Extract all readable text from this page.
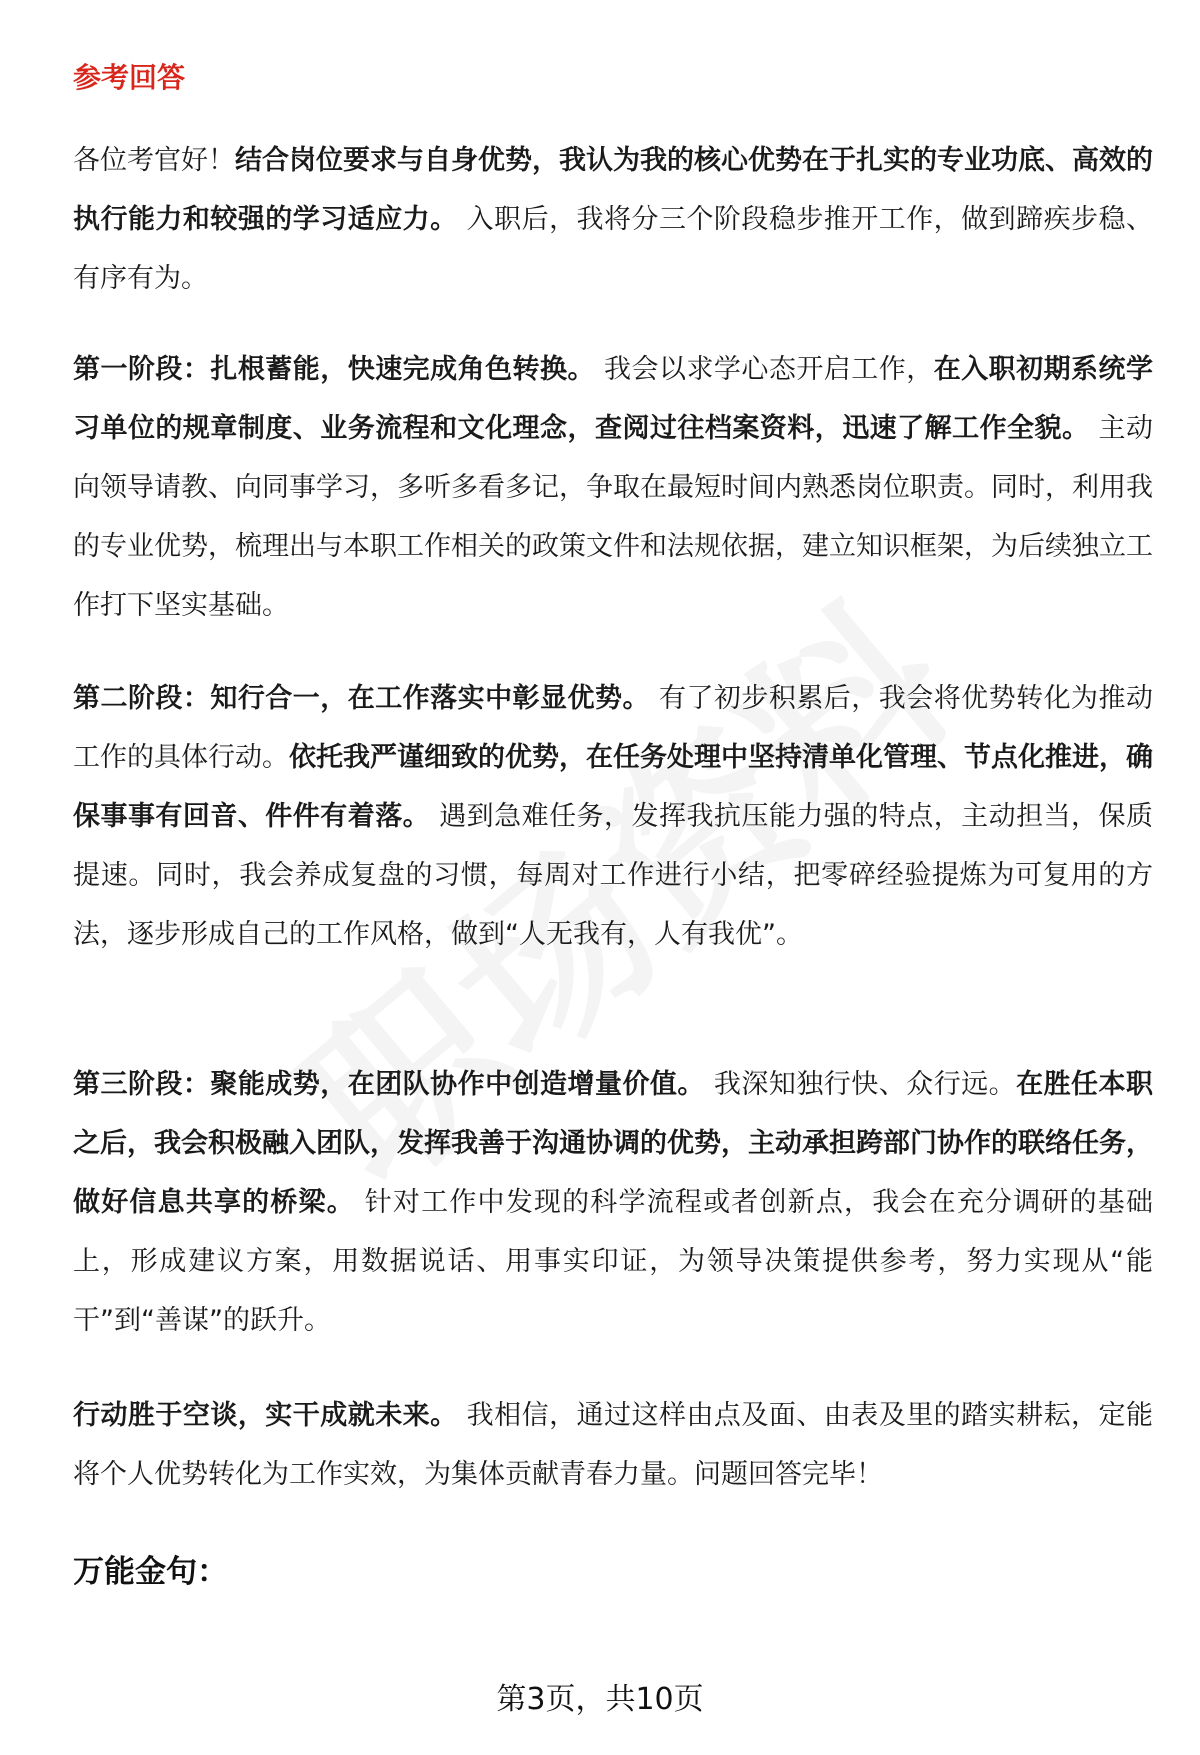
参考回答

各位考官好！结合岗位要求与自身优势，我认为我的核心优势在于扎实的专业功底、高效的执行能力和较强的学习适应力。 入职后，我将分三个阶段稳步推开工作，做到蹄疾步稳、有序有为。

第一阶段：扎根蓄能，快速完成角色转换。 我会以求学心态开启工作，在入职初期系统学习单位的规章制度、业务流程和文化理念，查阅过往档案资料，迅速了解工作全貌。 主动向领导请教、向同事学习，多听多看多记，争取在最短时间内熟悉岗位职责。同时，利用我的专业优势，梳理出与本职工作相关的政策文件和法规依据，建立知识框架，为后续独立工作打下坚实基础。

第二阶段：知行合一，在工作落实中彰显优势。 有了初步积累后，我会将优势转化为推动工作的具体行动。依托我严谨细致的优势，在任务处理中坚持清单化管理、节点化推进，确保事事有回音、件件有着落。 遇到急难任务，发挥我抗压能力强的特点，主动担当，保质提速。同时，我会养成复盘的习惯，每周对工作进行小结，把零碎经验提炼为可复用的方法，逐步形成自己的工作风格，做到“人无我有，人有我优”。

第三阶段：聚能成势，在团队协作中创造增量价值。 我深知独行快、众行远。在胜任本职之后，我会积极融入团队，发挥我善于沟通协调的优势，主动承担跨部门协作的联络任务，做好信息共享的桥梁。 针对工作中发现的科学流程或者创新点，我会在充分调研的基础上，形成建议方案，用数据说话、用事实印证，为领导决策提供参考，努力实现从“能干”到“善谋”的跃升。

行动胜于空谈，实干成就未来。 我相信，通过这样由点及面、由表及里的踏实耕耘，定能将个人优势转化为工作实效，为集体贡献青春力量。问题回答完毕！

万能金句：
第3页，共10页
